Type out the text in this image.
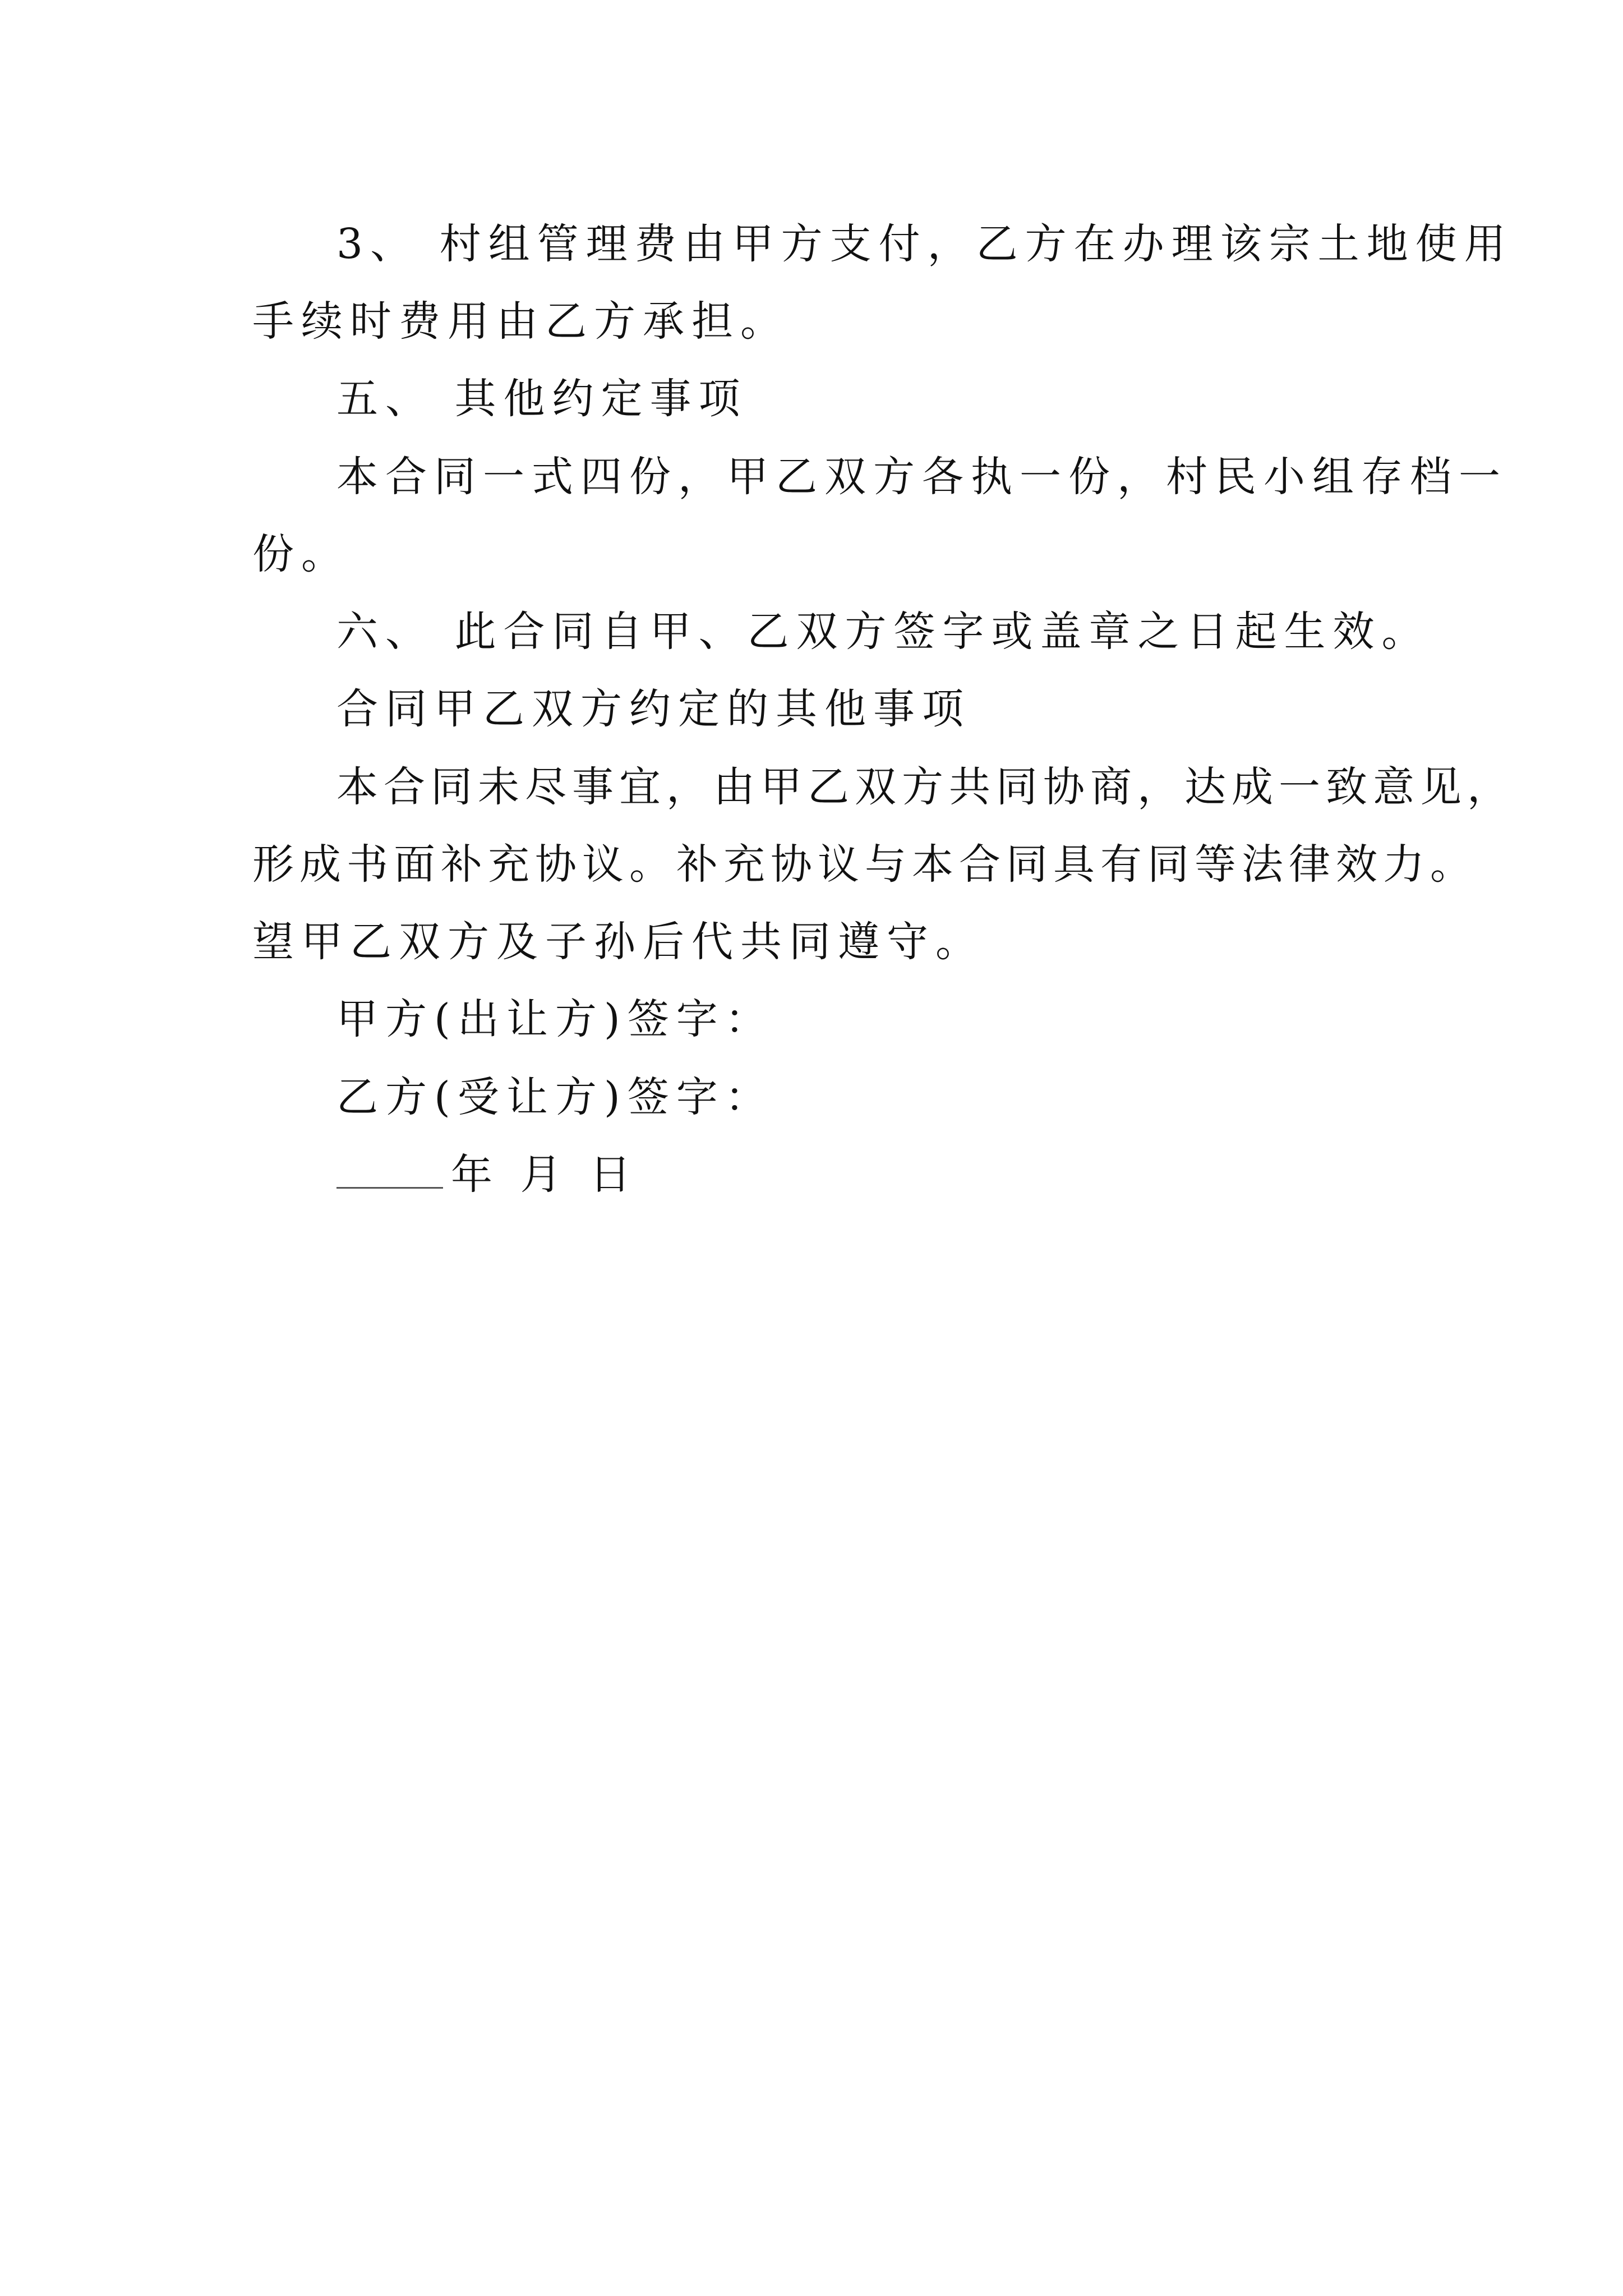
3、 村组管理费由甲方支付，乙方在办理该宗土地使用
手续时费用由乙方承担。
五、 其他约定事项
本合同一式四份，甲乙双方各执一份，村民小组存档一
份。
六、 此合同自甲、乙双方签字或盖章之日起生效。
合同甲乙双方约定的其他事项
本合同未尽事宜，由甲乙双方共同协商，达成一致意见，
形成书面补充协议。补充协议与本合同具有同等法律效力。
望甲乙双方及子孙后代共同遵守。
甲方(出让方)签字：
乙方(受让方)签字：
年 月 日
